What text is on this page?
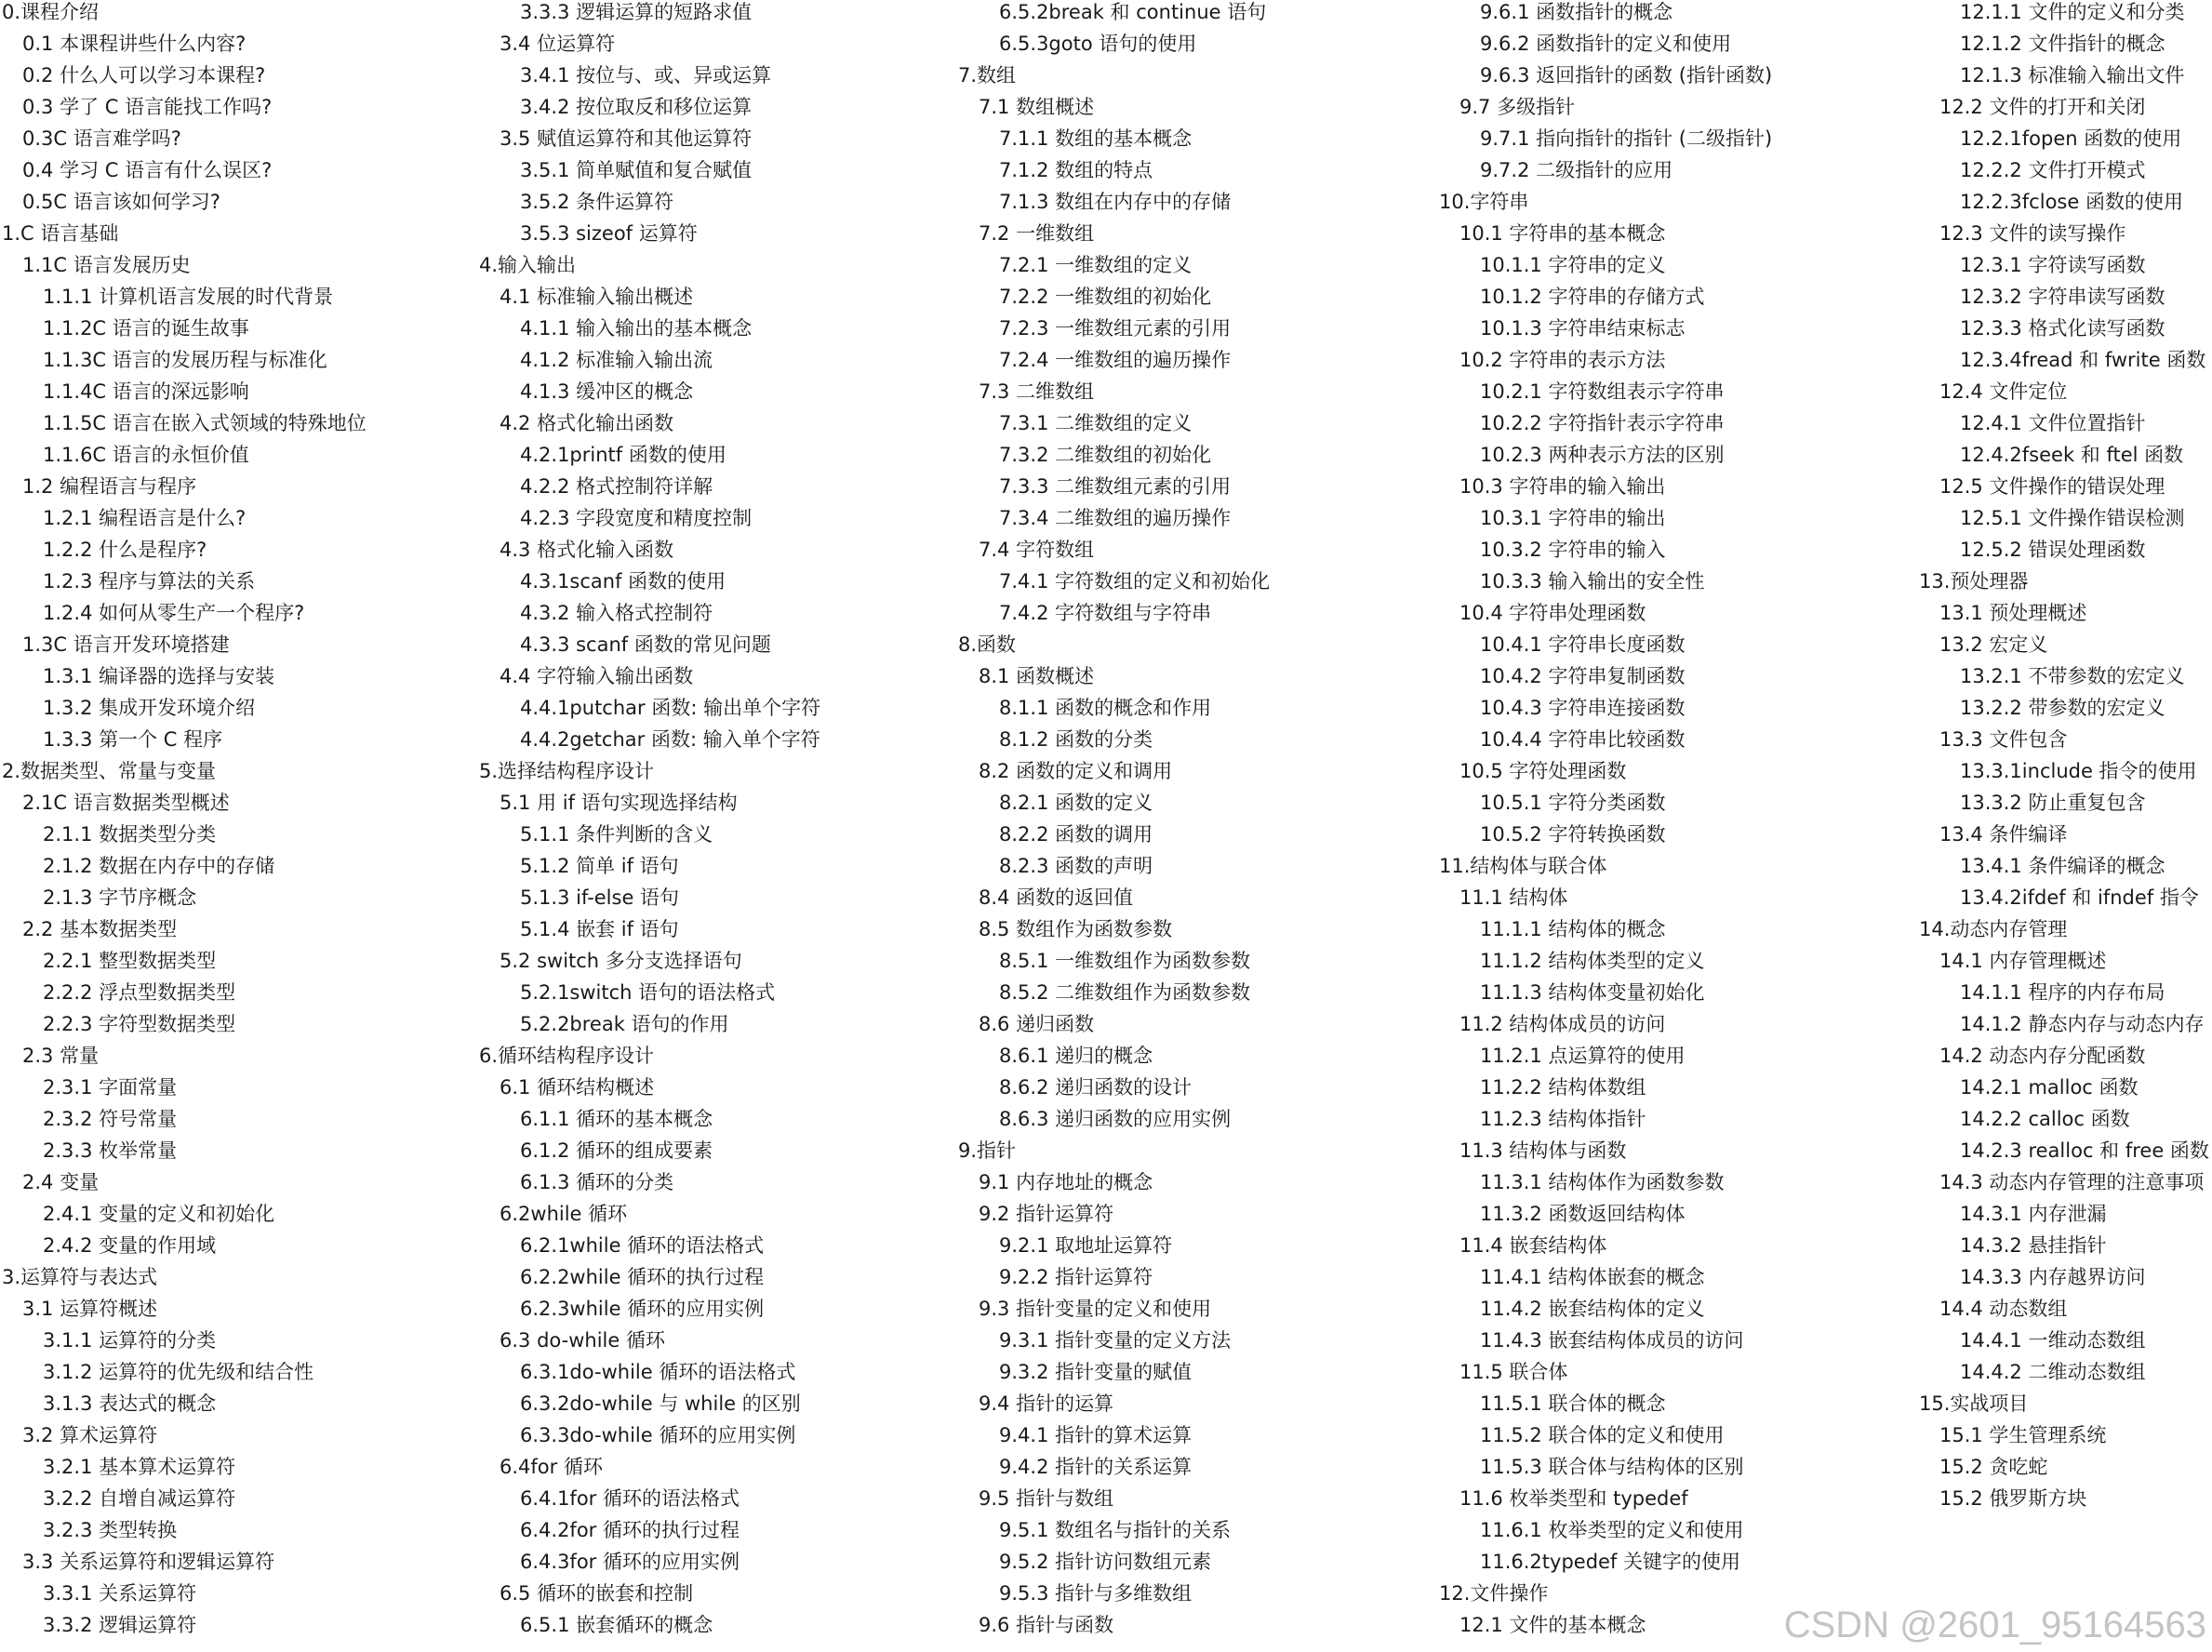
0.课程介绍
0.1 本课程讲些什么内容?
0.2 什么人可以学习本课程?
0.3 学了 C 语言能找工作吗?
0.3C 语言难学吗?
0.4 学习 C 语言有什么误区?
0.5C 语言该如何学习?
1.C 语言基础
1.1C 语言发展历史
1.1.1 计算机语言发展的时代背景
1.1.2C 语言的诞生故事
1.1.3C 语言的发展历程与标准化
1.1.4C 语言的深远影响
1.1.5C 语言在嵌入式领域的特殊地位
1.1.6C 语言的永恒价值
1.2 编程语言与程序
1.2.1 编程语言是什么?
1.2.2 什么是程序?
1.2.3 程序与算法的关系
1.2.4 如何从零生产一个程序?
1.3C 语言开发环境搭建
1.3.1 编译器的选择与安装
1.3.2 集成开发环境介绍
1.3.3 第一个 C 程序
2.数据类型、常量与变量
2.1C 语言数据类型概述
2.1.1 数据类型分类
2.1.2 数据在内存中的存储
2.1.3 字节序概念
2.2 基本数据类型
2.2.1 整型数据类型
2.2.2 浮点型数据类型
2.2.3 字符型数据类型
2.3 常量
2.3.1 字面常量
2.3.2 符号常量
2.3.3 枚举常量
2.4 变量
2.4.1 变量的定义和初始化
2.4.2 变量的作用域
3.运算符与表达式
3.1 运算符概述
3.1.1 运算符的分类
3.1.2 运算符的优先级和结合性
3.1.3 表达式的概念
3.2 算术运算符
3.2.1 基本算术运算符
3.2.2 自增自减运算符
3.2.3 类型转换
3.3 关系运算符和逻辑运算符
3.3.1 关系运算符
3.3.2 逻辑运算符
3.3.3 逻辑运算的短路求值
3.4 位运算符
3.4.1 按位与、或、异或运算
3.4.2 按位取反和移位运算
3.5 赋值运算符和其他运算符
3.5.1 简单赋值和复合赋值
3.5.2 条件运算符
3.5.3 sizeof 运算符
4.输入输出
4.1 标准输入输出概述
4.1.1 输入输出的基本概念
4.1.2 标准输入输出流
4.1.3 缓冲区的概念
4.2 格式化输出函数
4.2.1printf 函数的使用
4.2.2 格式控制符详解
4.2.3 字段宽度和精度控制
4.3 格式化输入函数
4.3.1scanf 函数的使用
4.3.2 输入格式控制符
4.3.3 scanf 函数的常见问题
4.4 字符输入输出函数
4.4.1putchar 函数: 输出单个字符
4.4.2getchar 函数: 输入单个字符
5.选择结构程序设计
5.1 用 if 语句实现选择结构
5.1.1 条件判断的含义
5.1.2 简单 if 语句
5.1.3 if-else 语句
5.1.4 嵌套 if 语句
5.2 switch 多分支选择语句
5.2.1switch 语句的语法格式
5.2.2break 语句的作用
6.循环结构程序设计
6.1 循环结构概述
6.1.1 循环的基本概念
6.1.2 循环的组成要素
6.1.3 循环的分类
6.2while 循环
6.2.1while 循环的语法格式
6.2.2while 循环的执行过程
6.2.3while 循环的应用实例
6.3 do-while 循环
6.3.1do-while 循环的语法格式
6.3.2do-while 与 while 的区别
6.3.3do-while 循环的应用实例
6.4for 循环
6.4.1for 循环的语法格式
6.4.2for 循环的执行过程
6.4.3for 循环的应用实例
6.5 循环的嵌套和控制
6.5.1 嵌套循环的概念
6.5.2break 和 continue 语句
6.5.3goto 语句的使用
7.数组
7.1 数组概述
7.1.1 数组的基本概念
7.1.2 数组的特点
7.1.3 数组在内存中的存储
7.2 一维数组
7.2.1 一维数组的定义
7.2.2 一维数组的初始化
7.2.3 一维数组元素的引用
7.2.4 一维数组的遍历操作
7.3 二维数组
7.3.1 二维数组的定义
7.3.2 二维数组的初始化
7.3.3 二维数组元素的引用
7.3.4 二维数组的遍历操作
7.4 字符数组
7.4.1 字符数组的定义和初始化
7.4.2 字符数组与字符串
8.函数
8.1 函数概述
8.1.1 函数的概念和作用
8.1.2 函数的分类
8.2 函数的定义和调用
8.2.1 函数的定义
8.2.2 函数的调用
8.2.3 函数的声明
8.4 函数的返回值
8.5 数组作为函数参数
8.5.1 一维数组作为函数参数
8.5.2 二维数组作为函数参数
8.6 递归函数
8.6.1 递归的概念
8.6.2 递归函数的设计
8.6.3 递归函数的应用实例
9.指针
9.1 内存地址的概念
9.2 指针运算符
9.2.1 取地址运算符
9.2.2 指针运算符
9.3 指针变量的定义和使用
9.3.1 指针变量的定义方法
9.3.2 指针变量的赋值
9.4 指针的运算
9.4.1 指针的算术运算
9.4.2 指针的关系运算
9.5 指针与数组
9.5.1 数组名与指针的关系
9.5.2 指针访问数组元素
9.5.3 指针与多维数组
9.6 指针与函数
9.6.1 函数指针的概念
9.6.2 函数指针的定义和使用
9.6.3 返回指针的函数 (指针函数)
9.7 多级指针
9.7.1 指向指针的指针 (二级指针)
9.7.2 二级指针的应用
10.字符串
10.1 字符串的基本概念
10.1.1 字符串的定义
10.1.2 字符串的存储方式
10.1.3 字符串结束标志
10.2 字符串的表示方法
10.2.1 字符数组表示字符串
10.2.2 字符指针表示字符串
10.2.3 两种表示方法的区别
10.3 字符串的输入输出
10.3.1 字符串的输出
10.3.2 字符串的输入
10.3.3 输入输出的安全性
10.4 字符串处理函数
10.4.1 字符串长度函数
10.4.2 字符串复制函数
10.4.3 字符串连接函数
10.4.4 字符串比较函数
10.5 字符处理函数
10.5.1 字符分类函数
10.5.2 字符转换函数
11.结构体与联合体
11.1 结构体
11.1.1 结构体的概念
11.1.2 结构体类型的定义
11.1.3 结构体变量初始化
11.2 结构体成员的访问
11.2.1 点运算符的使用
11.2.2 结构体数组
11.2.3 结构体指针
11.3 结构体与函数
11.3.1 结构体作为函数参数
11.3.2 函数返回结构体
11.4 嵌套结构体
11.4.1 结构体嵌套的概念
11.4.2 嵌套结构体的定义
11.4.3 嵌套结构体成员的访问
11.5 联合体
11.5.1 联合体的概念
11.5.2 联合体的定义和使用
11.5.3 联合体与结构体的区别
11.6 枚举类型和 typedef
11.6.1 枚举类型的定义和使用
11.6.2typedef 关键字的使用
12.文件操作
12.1 文件的基本概念
12.1.1 文件的定义和分类
12.1.2 文件指针的概念
12.1.3 标准输入输出文件
12.2 文件的打开和关闭
12.2.1fopen 函数的使用
12.2.2 文件打开模式
12.2.3fclose 函数的使用
12.3 文件的读写操作
12.3.1 字符读写函数
12.3.2 字符串读写函数
12.3.3 格式化读写函数
12.3.4fread 和 fwrite 函数
12.4 文件定位
12.4.1 文件位置指针
12.4.2fseek 和 ftel 函数
12.5 文件操作的错误处理
12.5.1 文件操作错误检测
12.5.2 错误处理函数
13.预处理器
13.1 预处理概述
13.2 宏定义
13.2.1 不带参数的宏定义
13.2.2 带参数的宏定义
13.3 文件包含
13.3.1include 指令的使用
13.3.2 防止重复包含
13.4 条件编译
13.4.1 条件编译的概念
13.4.2ifdef 和 ifndef 指令
14.动态内存管理
14.1 内存管理概述
14.1.1 程序的内存布局
14.1.2 静态内存与动态内存
14.2 动态内存分配函数
14.2.1 malloc 函数
14.2.2 calloc 函数
14.2.3 realloc 和 free 函数
14.3 动态内存管理的注意事项
14.3.1 内存泄漏
14.3.2 悬挂指针
14.3.3 内存越界访问
14.4 动态数组
14.4.1 一维动态数组
14.4.2 二维动态数组
15.实战项目
15.1 学生管理系统
15.2 贪吃蛇
15.2 俄罗斯方块
CSDN @2601_95164563
